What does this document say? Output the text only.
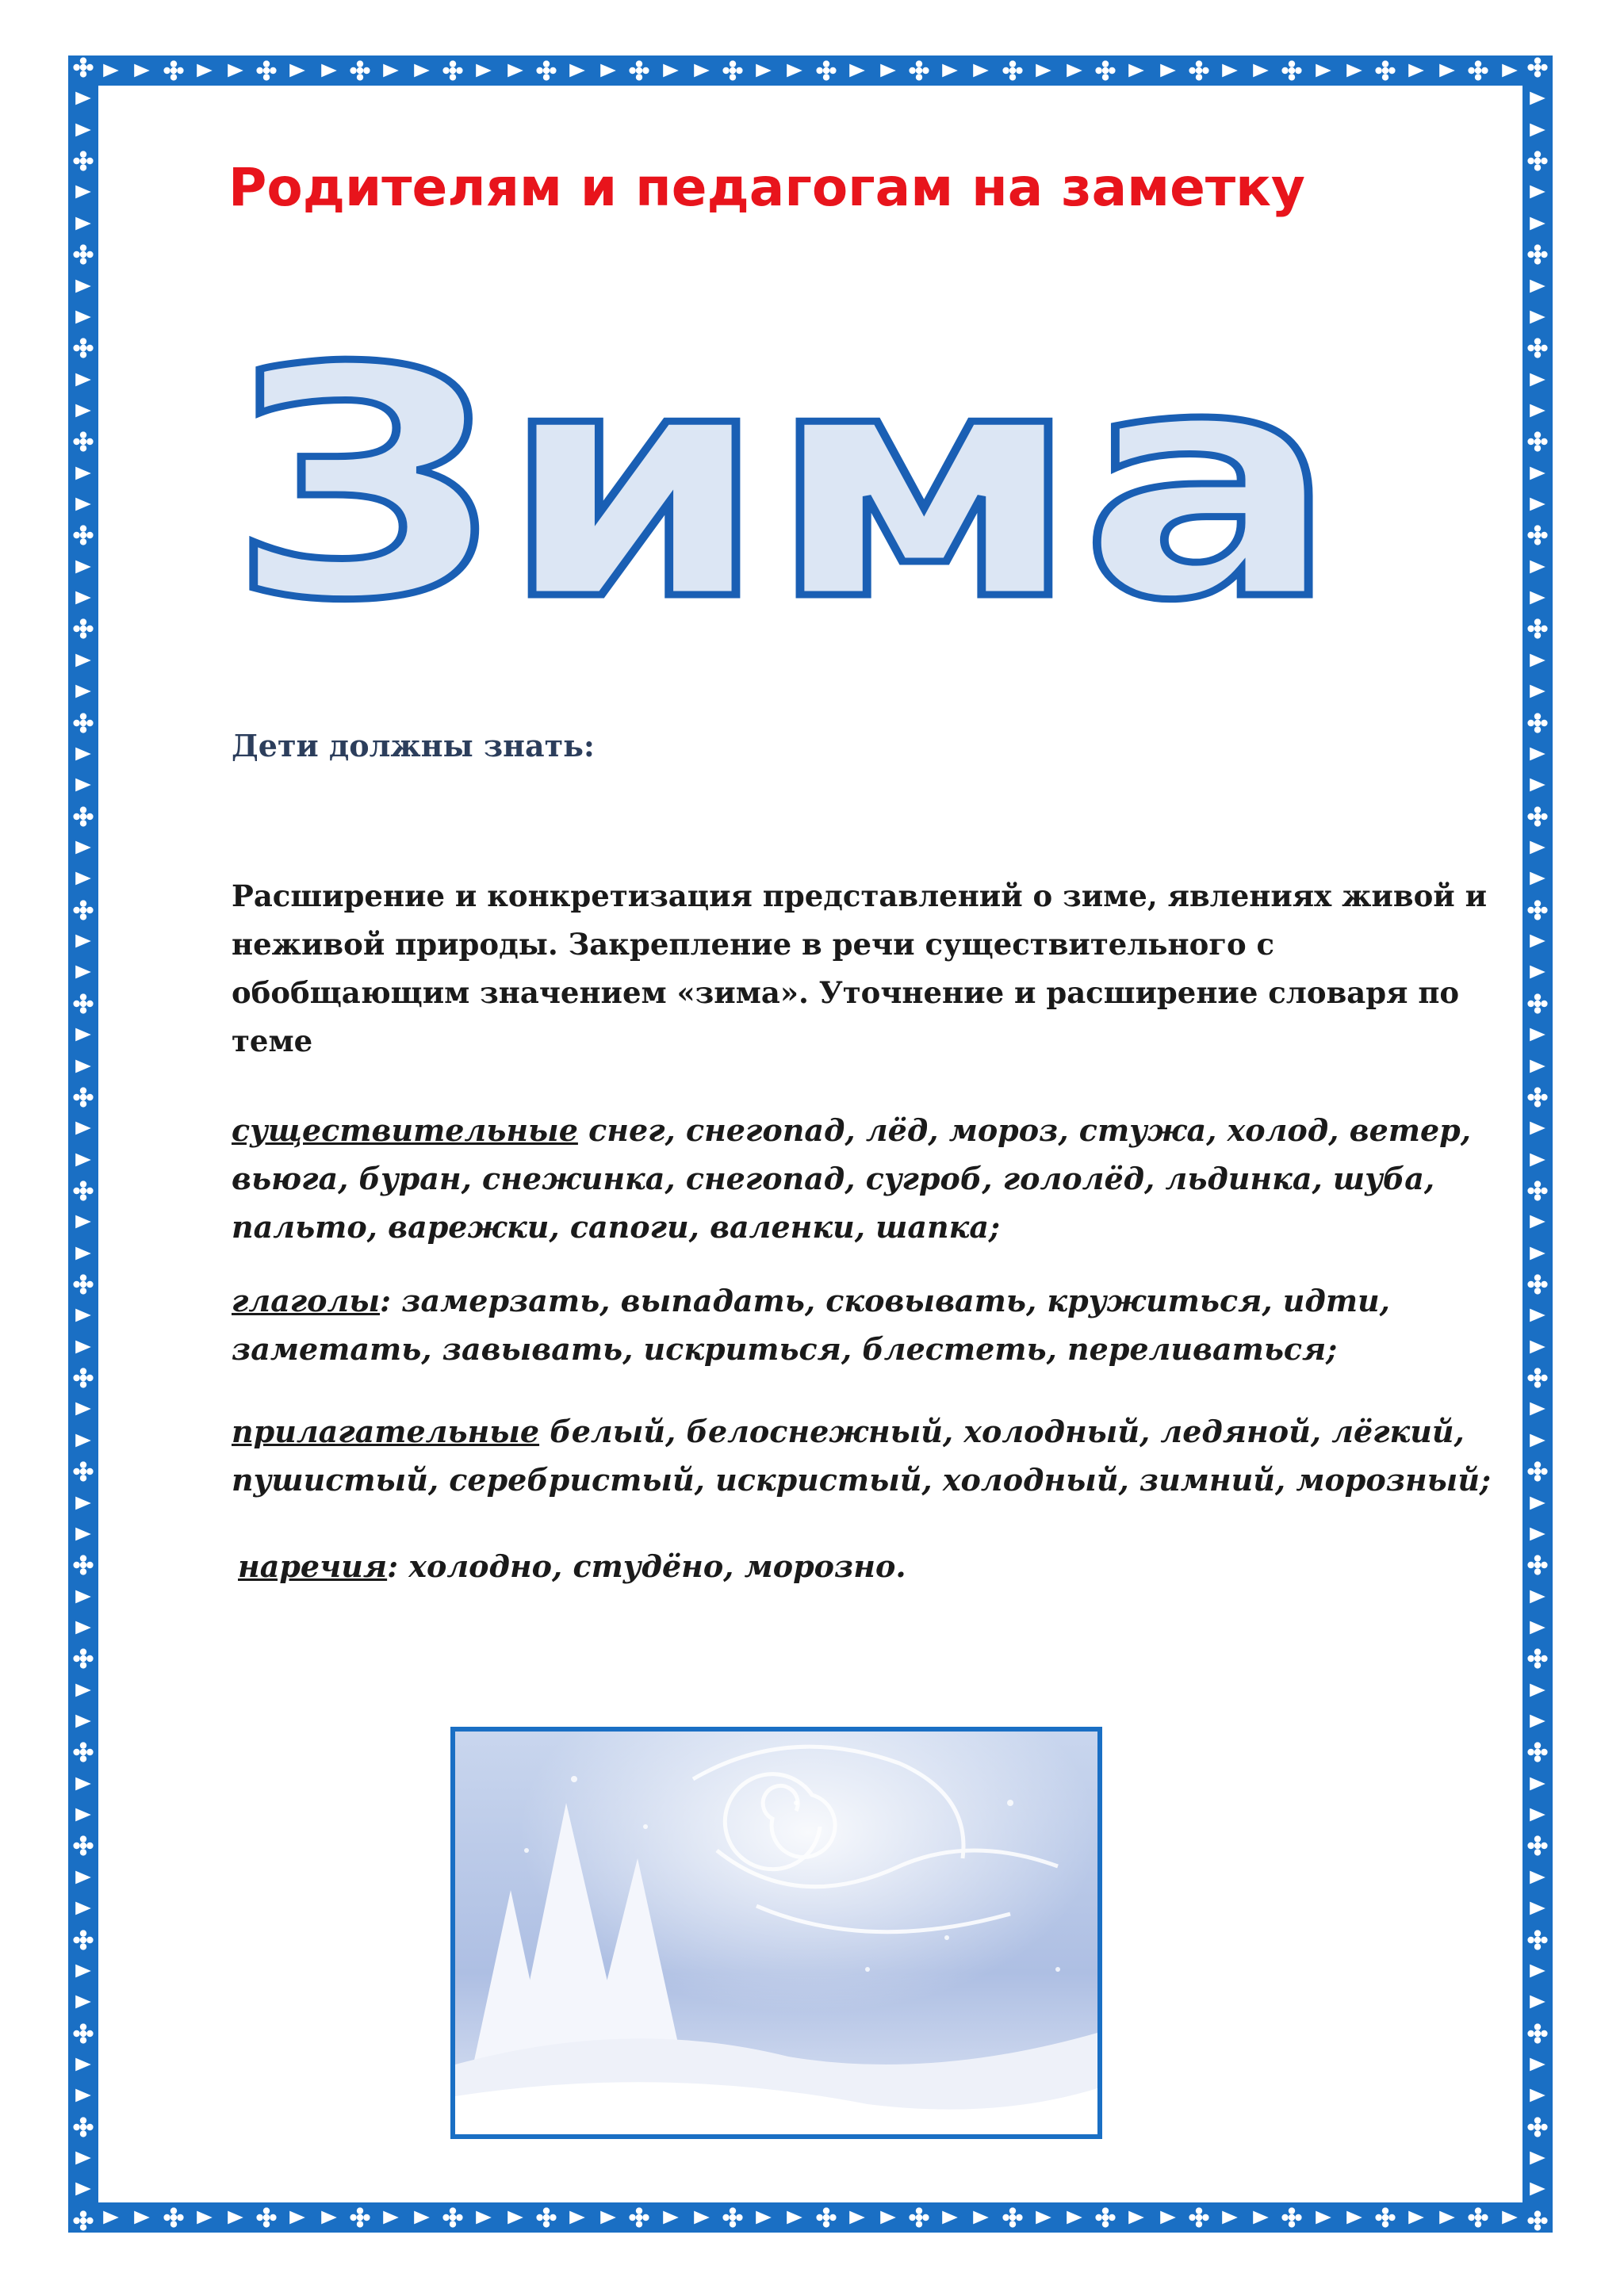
Родителям и педагогам на заметку
Зима
Дети должны знать:

Расширение и конкретизация представлений о зиме, явлениях живой и неживой природы. Закрепление в речи существительного с обобщающим значением «зима». Уточнение и расширение словаря по теме

существительные снег, снегопад, лёд, мороз, стужа, холод, ветер, вьюга, буран, снежинка, снегопад, сугроб, гололёд, льдинка, шуба, пальто, варежки, сапоги, валенки, шапка;

глаголы: замерзать, выпадать, сковывать, кружиться, идти, заметать, завывать, искриться, блестеть, переливаться;

прилагательные белый, белоснежный, холодный, ледяной, лёгкий, пушистый, серебристый, искристый, холодный, зимний, морозный;

наречия: холодно, студёно, морозно.
